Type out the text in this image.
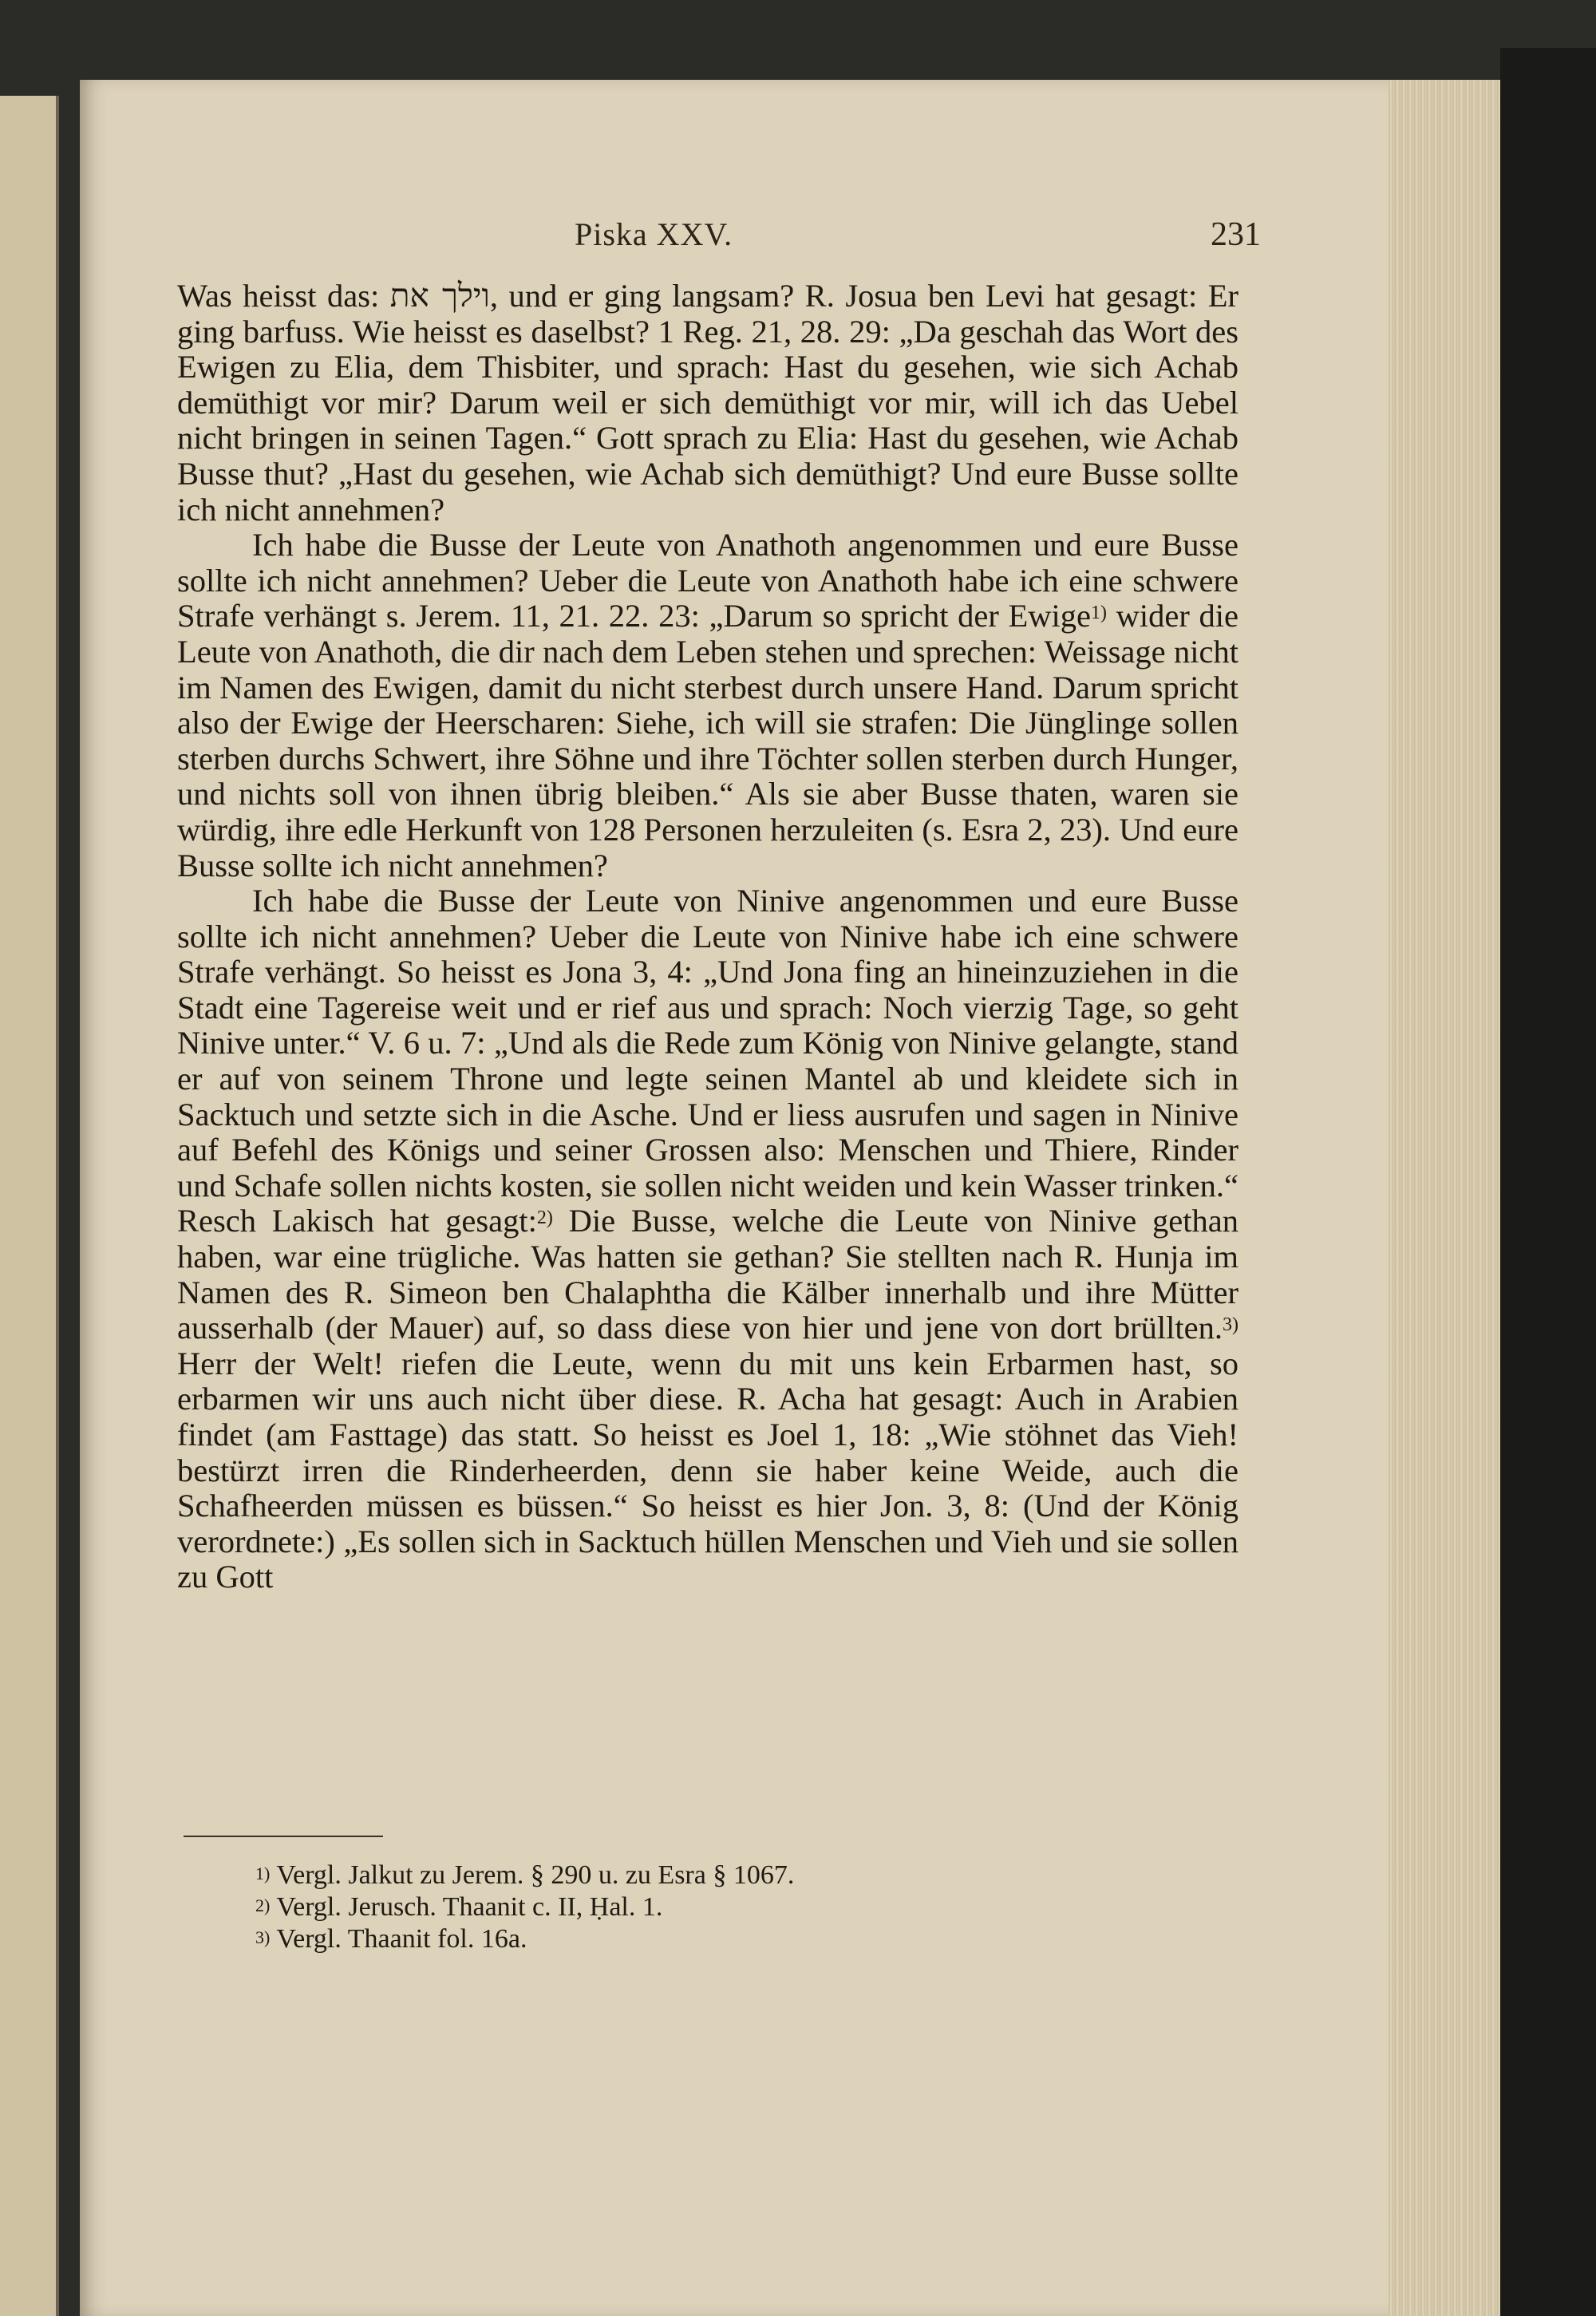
Piska XXV.	231

Was heisst das: וילך את, und er ging langsam? R. Josua ben Levi hat gesagt: Er ging barfuss. Wie heisst es daselbst? 1 Reg. 21, 28. 29: „Da geschah das Wort des Ewigen zu Elia, dem Thisbiter, und sprach: Hast du gesehen, wie sich Achab demüthigt vor mir? Darum weil er sich demüthigt vor mir, will ich das Uebel nicht bringen in seinen Tagen.“ Gott sprach zu Elia: Hast du gesehen, wie Achab Busse thut? „Hast du gesehen, wie Achab sich demüthigt? Und eure Busse sollte ich nicht annehmen?

Ich habe die Busse der Leute von Anathoth angenommen und eure Busse sollte ich nicht annehmen? Ueber die Leute von Anathoth habe ich eine schwere Strafe verhängt s. Jerem. 11, 21. 22. 23: „Darum so spricht der Ewige$^{1)}$ wider die Leute von Anathoth, die dir nach dem Leben stehen und sprechen: Weissage nicht im Namen des Ewigen, damit du nicht sterbest durch unsere Hand. Darum spricht also der Ewige der Heerscharen: Siehe, ich will sie strafen: Die Jünglinge sollen sterben durchs Schwert, ihre Söhne und ihre Töchter sollen sterben durch Hunger, und nichts soll von ihnen übrig bleiben.“ Als sie aber Busse thaten, waren sie würdig, ihre edle Herkunft von 128 Personen herzuleiten (s. Esra 2, 23). Und eure Busse sollte ich nicht annehmen?

Ich habe die Busse der Leute von Ninive angenommen und eure Busse sollte ich nicht annehmen? Ueber die Leute von Ninive habe ich eine schwere Strafe verhängt. So heisst es Jona 3, 4: „Und Jona fing an hineinzuziehen in die Stadt eine Tagereise weit und er rief aus und sprach: Noch vierzig Tage, so geht Ninive unter.“ V. 6 u. 7: „Und als die Rede zum König von Ninive gelangte, stand er auf von seinem Throne und legte seinen Mantel ab und kleidete sich in Sacktuch und setzte sich in die Asche. Und er liess ausrufen und sagen in Ninive auf Befehl des Königs und seiner Grossen also: Menschen und Thiere, Rinder und Schafe sollen nichts kosten, sie sollen nicht weiden und kein Wasser trinken.“ Resch Lakisch hat gesagt:$^{2)}$ Die Busse, welche die Leute von Ninive gethan haben, war eine trügliche. Was hatten sie gethan? Sie stellten nach R. Hunja im Namen des R. Simeon ben Chalaphtha die Kälber innerhalb und ihre Mütter ausserhalb (der Mauer) auf, so dass diese von hier und jene von dort brüllten.$^{3)}$ Herr der Welt! riefen die Leute, wenn du mit uns kein Erbarmen hast, so erbarmen wir uns auch nicht über diese. R. Acha hat gesagt: Auch in Arabien findet (am Fasttage) das statt. So heisst es Joel 1, 18: „Wie stöhnet das Vieh! bestürzt irren die Rinderheerden, denn sie haber keine Weide, auch die Schafheerden müssen es büssen.“ So heisst es hier Jon. 3, 8: (Und der König verordnete:) „Es sollen sich in Sacktuch hüllen Menschen und Vieh und sie sollen zu Gott

$^{1)}$ Vergl. Jalkut zu Jerem. § 290 u. zu Esra § 1067.
$^{2)}$ Vergl. Jerusch. Thaanit c. II, Ḥal. 1.
$^{3)}$ Vergl. Thaanit fol. 16a.
